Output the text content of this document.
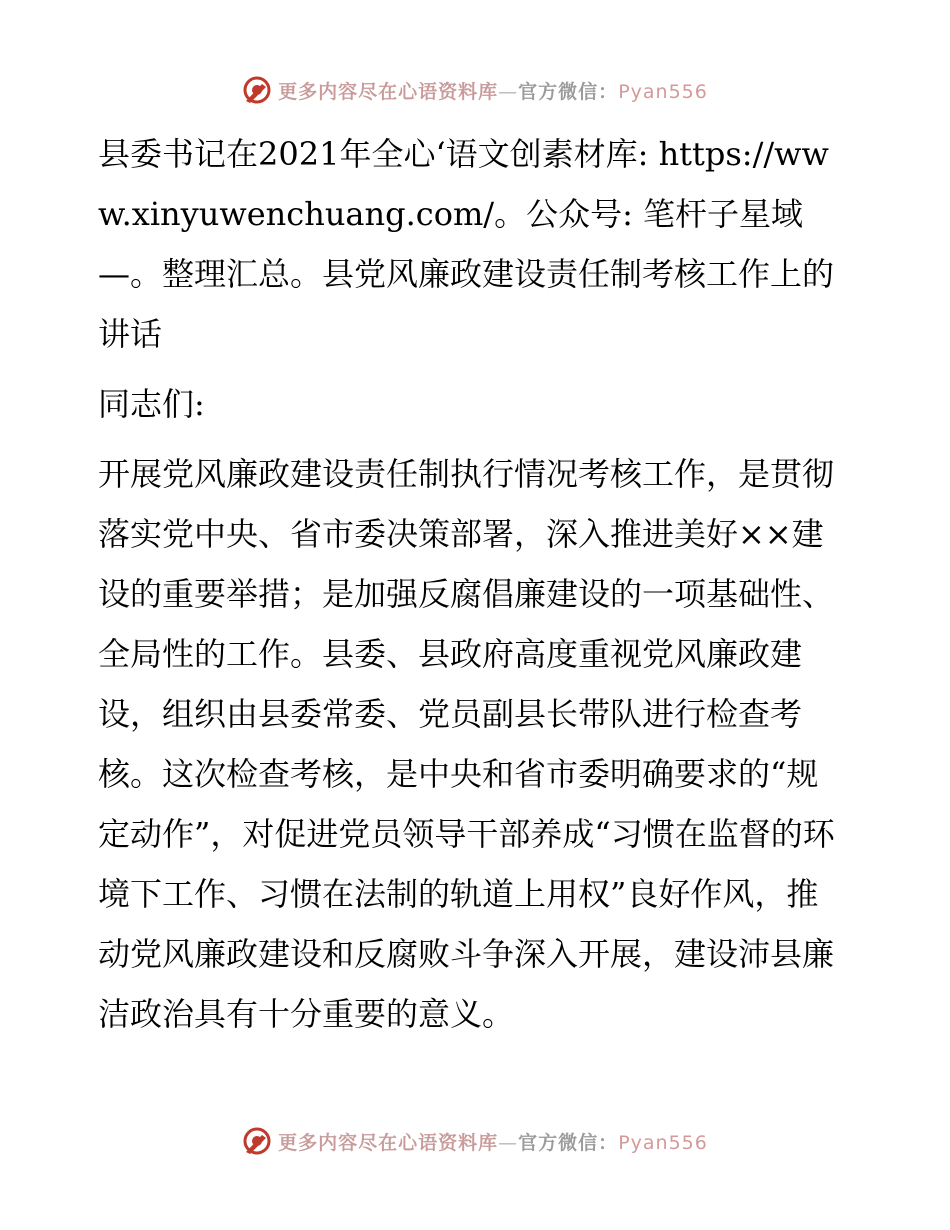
更多内容尽在心语资料库—官方微信：Pyan556

县委书记在2021年全心‘语文创素材库: https://www.xinyuwenchuang.com/。公众号: 笔杆子星域—。整理汇总。县党风廉政建设责任制考核工作上的讲话

同志们:

开展党风廉政建设责任制执行情况考核工作，是贯彻落实党中央、省市委决策部署，深入推进美好××建设的重要举措；是加强反腐倡廉建设的一项基础性、全局性的工作。县委、县政府高度重视党风廉政建设，组织由县委常委、党员副县长带队进行检查考核。这次检查考核，是中央和省市委明确要求的“规定动作”，对促进党员领导干部养成“习惯在监督的环境下工作、习惯在法制的轨道上用权”良好作风，推动党风廉政建设和反腐败斗争深入开展，建设沛县廉洁政治具有十分重要的意义。

更多内容尽在心语资料库—官方微信：Pyan556
